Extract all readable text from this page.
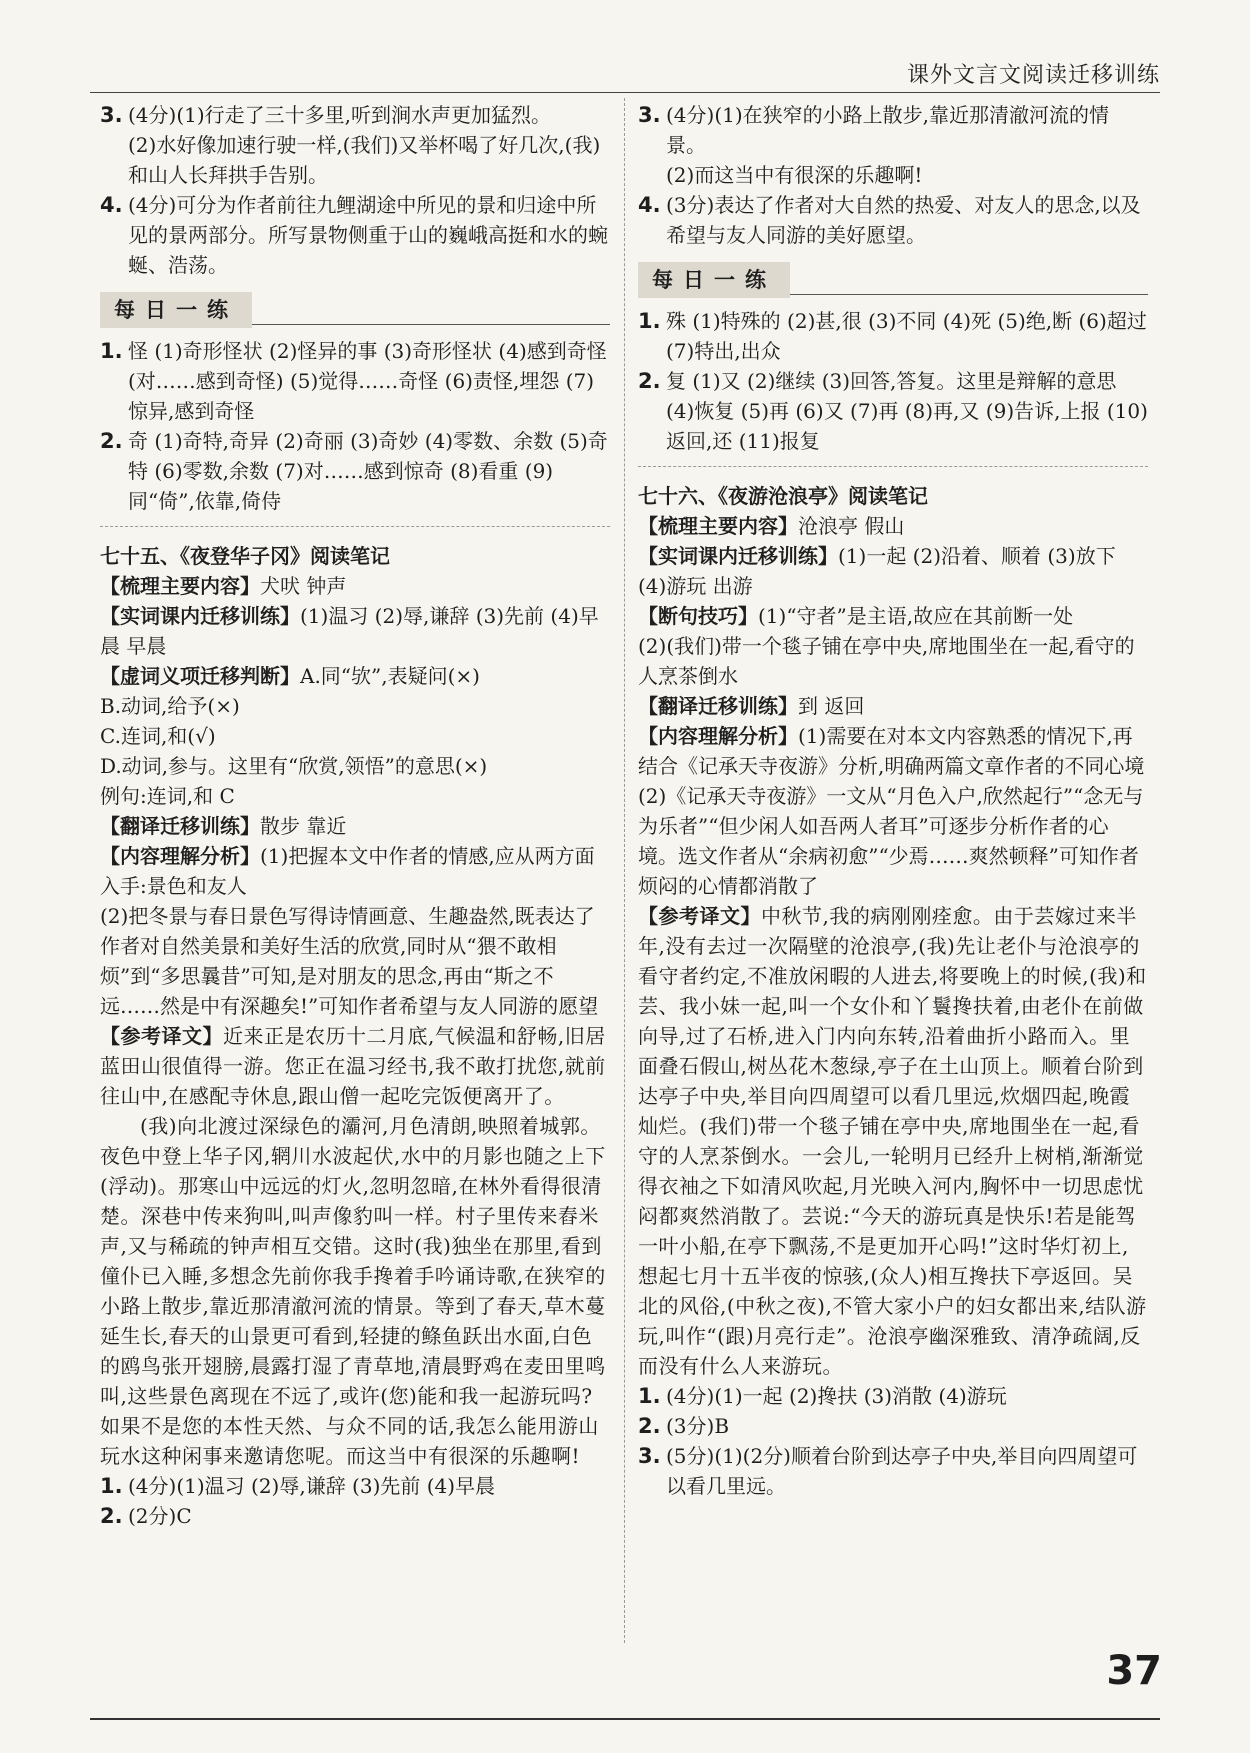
课外文言文阅读迁移训练
3. (4分)(1)行走了三十多里,听到涧水声更加猛烈。

(2)水好像加速行驶一样,(我们)又举杯喝了好几次,(我)和山人长拜拱手告别。

4. (4分)可分为作者前往九鲤湖途中所见的景和归途中所见的景两部分。所写景物侧重于山的巍峨高挺和水的蜿蜒、浩荡。

每日一练
1. 怪 (1)奇形怪状 (2)怪异的事 (3)奇形怪状 (4)感到奇怪(对……感到奇怪) (5)觉得……奇怪 (6)责怪,埋怨 (7)惊异,感到奇怪

2. 奇 (1)奇特,奇异 (2)奇丽 (3)奇妙 (4)零数、余数 (5)奇特 (6)零数,余数 (7)对……感到惊奇 (8)看重 (9)同“倚”,依靠,倚侍

七十五、《夜登华子冈》阅读笔记

【梳理主要内容】犬吠 钟声

【实词课内迁移训练】(1)温习 (2)辱,谦辞 (3)先前 (4)早晨 早晨

【虚词义项迁移判断】A.同“欤”,表疑问(×)

B.动词,给予(×)

C.连词,和(√)

D.动词,参与。这里有“欣赏,领悟”的意思(×)

例句:连词,和 C

【翻译迁移训练】散步 靠近

【内容理解分析】(1)把握本文中作者的情感,应从两方面入手:景色和友人

(2)把冬景与春日景色写得诗情画意、生趣盎然,既表达了作者对自然美景和美好生活的欣赏,同时从“猥不敢相烦”到“多思曩昔”可知,是对朋友的思念,再由“斯之不远……然是中有深趣矣!”可知作者希望与友人同游的愿望

【参考译文】近来正是农历十二月底,气候温和舒畅,旧居蓝田山很值得一游。您正在温习经书,我不敢打扰您,就前往山中,在感配寺休息,跟山僧一起吃完饭便离开了。

(我)向北渡过深绿色的灞河,月色清朗,映照着城郭。夜色中登上华子冈,辋川水波起伏,水中的月影也随之上下(浮动)。那寒山中远远的灯火,忽明忽暗,在林外看得很清楚。深巷中传来狗叫,叫声像豹叫一样。村子里传来舂米声,又与稀疏的钟声相互交错。这时(我)独坐在那里,看到僮仆已入睡,多想念先前你我手搀着手吟诵诗歌,在狭窄的小路上散步,靠近那清澈河流的情景。等到了春天,草木蔓延生长,春天的山景更可看到,轻捷的鲦鱼跃出水面,白色的鸥鸟张开翅膀,晨露打湿了青草地,清晨野鸡在麦田里鸣叫,这些景色离现在不远了,或许(您)能和我一起游玩吗?如果不是您的本性天然、与众不同的话,我怎么能用游山玩水这种闲事来邀请您呢。而这当中有很深的乐趣啊!

1. (4分)(1)温习 (2)辱,谦辞 (3)先前 (4)早晨

2. (2分)C

3. (4分)(1)在狭窄的小路上散步,靠近那清澈河流的情景。

(2)而这当中有很深的乐趣啊!

4. (3分)表达了作者对大自然的热爱、对友人的思念,以及希望与友人同游的美好愿望。

每日一练
1. 殊 (1)特殊的 (2)甚,很 (3)不同 (4)死 (5)绝,断 (6)超过 (7)特出,出众

2. 复 (1)又 (2)继续 (3)回答,答复。这里是辩解的意思 (4)恢复 (5)再 (6)又 (7)再 (8)再,又 (9)告诉,上报 (10)返回,还 (11)报复

七十六、《夜游沧浪亭》阅读笔记

【梳理主要内容】沧浪亭 假山

【实词课内迁移训练】(1)一起 (2)沿着、顺着 (3)放下 (4)游玩 出游

【断句技巧】(1)“守者”是主语,故应在其前断一处

(2)(我们)带一个毯子铺在亭中央,席地围坐在一起,看守的人烹茶倒水

【翻译迁移训练】到 返回

【内容理解分析】(1)需要在对本文内容熟悉的情况下,再结合《记承天寺夜游》分析,明确两篇文章作者的不同心境

(2)《记承天寺夜游》一文从“月色入户,欣然起行”“念无与为乐者”“但少闲人如吾两人者耳”可逐步分析作者的心境。选文作者从“余病初愈”“少焉……爽然顿释”可知作者烦闷的心情都消散了

【参考译文】中秋节,我的病刚刚痊愈。由于芸嫁过来半年,没有去过一次隔壁的沧浪亭,(我)先让老仆与沧浪亭的看守者约定,不准放闲暇的人进去,将要晚上的时候,(我)和芸、我小妹一起,叫一个女仆和丫鬟搀扶着,由老仆在前做向导,过了石桥,进入门内向东转,沿着曲折小路而入。里面叠石假山,树丛花木葱绿,亭子在土山顶上。顺着台阶到达亭子中央,举目向四周望可以看几里远,炊烟四起,晚霞灿烂。(我们)带一个毯子铺在亭中央,席地围坐在一起,看守的人烹茶倒水。一会儿,一轮明月已经升上树梢,渐渐觉得衣袖之下如清风吹起,月光映入河内,胸怀中一切思虑忧闷都爽然消散了。芸说:“今天的游玩真是快乐!若是能驾一叶小船,在亭下飘荡,不是更加开心吗!”这时华灯初上,想起七月十五半夜的惊骇,(众人)相互搀扶下亭返回。吴北的风俗,(中秋之夜),不管大家小户的妇女都出来,结队游玩,叫作“(跟)月亮行走”。沧浪亭幽深雅致、清净疏阔,反而没有什么人来游玩。

1. (4分)(1)一起 (2)搀扶 (3)消散 (4)游玩

2. (3分)B

3. (5分)(1)(2分)顺着台阶到达亭子中央,举目向四周望可以看几里远。

37
